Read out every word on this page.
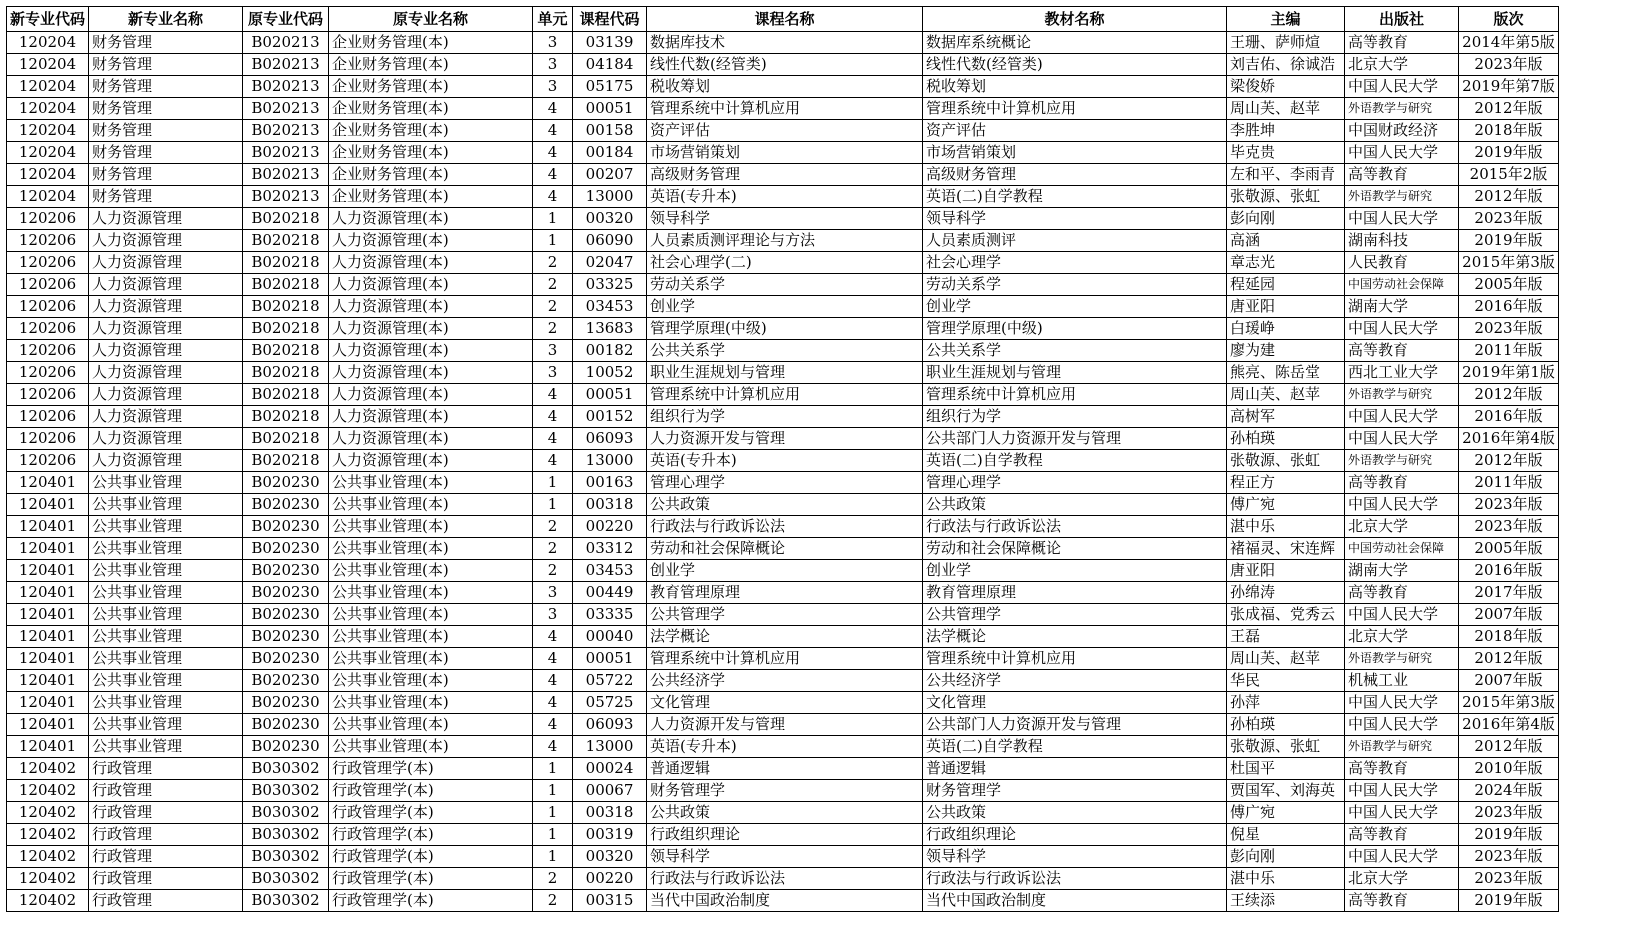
新专业代码	新专业名称	原专业代码	原专业名称	单元	课程代码	课程名称	教材名称	主编	出版社	版次
120204	财务管理	B020213	企业财务管理(本)	3	03139	数据库技术	数据库系统概论	王珊、萨师煊	高等教育	2014年第5版
120204	财务管理	B020213	企业财务管理(本)	3	04184	线性代数(经管类)	线性代数(经管类)	刘吉佑、徐诚浩	北京大学	2023年版
120204	财务管理	B020213	企业财务管理(本)	3	05175	税收筹划	税收筹划	梁俊娇	中国人民大学	2019年第7版
120204	财务管理	B020213	企业财务管理(本)	4	00051	管理系统中计算机应用	管理系统中计算机应用	周山芙、赵苹	外语教学与研究	2012年版
120204	财务管理	B020213	企业财务管理(本)	4	00158	资产评估	资产评估	李胜坤	中国财政经济	2018年版
120204	财务管理	B020213	企业财务管理(本)	4	00184	市场营销策划	市场营销策划	毕克贵	中国人民大学	2019年版
120204	财务管理	B020213	企业财务管理(本)	4	00207	高级财务管理	高级财务管理	左和平、李雨青	高等教育	2015年2版
120204	财务管理	B020213	企业财务管理(本)	4	13000	英语(专升本)	英语(二)自学教程	张敬源、张虹	外语教学与研究	2012年版
120206	人力资源管理	B020218	人力资源管理(本)	1	00320	领导科学	领导科学	彭向刚	中国人民大学	2023年版
120206	人力资源管理	B020218	人力资源管理(本)	1	06090	人员素质测评理论与方法	人员素质测评	高涵	湖南科技	2019年版
120206	人力资源管理	B020218	人力资源管理(本)	2	02047	社会心理学(二)	社会心理学	章志光	人民教育	2015年第3版
120206	人力资源管理	B020218	人力资源管理(本)	2	03325	劳动关系学	劳动关系学	程延园	中国劳动社会保障	2005年版
120206	人力资源管理	B020218	人力资源管理(本)	2	03453	创业学	创业学	唐亚阳	湖南大学	2016年版
120206	人力资源管理	B020218	人力资源管理(本)	2	13683	管理学原理(中级)	管理学原理(中级)	白瑗峥	中国人民大学	2023年版
120206	人力资源管理	B020218	人力资源管理(本)	3	00182	公共关系学	公共关系学	廖为建	高等教育	2011年版
120206	人力资源管理	B020218	人力资源管理(本)	3	10052	职业生涯规划与管理	职业生涯规划与管理	熊亮、陈岳堂	西北工业大学	2019年第1版
120206	人力资源管理	B020218	人力资源管理(本)	4	00051	管理系统中计算机应用	管理系统中计算机应用	周山芙、赵苹	外语教学与研究	2012年版
120206	人力资源管理	B020218	人力资源管理(本)	4	00152	组织行为学	组织行为学	高树军	中国人民大学	2016年版
120206	人力资源管理	B020218	人力资源管理(本)	4	06093	人力资源开发与管理	公共部门人力资源开发与管理	孙柏瑛	中国人民大学	2016年第4版
120206	人力资源管理	B020218	人力资源管理(本)	4	13000	英语(专升本)	英语(二)自学教程	张敬源、张虹	外语教学与研究	2012年版
120401	公共事业管理	B020230	公共事业管理(本)	1	00163	管理心理学	管理心理学	程正方	高等教育	2011年版
120401	公共事业管理	B020230	公共事业管理(本)	1	00318	公共政策	公共政策	傅广宛	中国人民大学	2023年版
120401	公共事业管理	B020230	公共事业管理(本)	2	00220	行政法与行政诉讼法	行政法与行政诉讼法	湛中乐	北京大学	2023年版
120401	公共事业管理	B020230	公共事业管理(本)	2	03312	劳动和社会保障概论	劳动和社会保障概论	褚福灵、宋连辉	中国劳动社会保障	2005年版
120401	公共事业管理	B020230	公共事业管理(本)	2	03453	创业学	创业学	唐亚阳	湖南大学	2016年版
120401	公共事业管理	B020230	公共事业管理(本)	3	00449	教育管理原理	教育管理原理	孙绵涛	高等教育	2017年版
120401	公共事业管理	B020230	公共事业管理(本)	3	03335	公共管理学	公共管理学	张成福、党秀云	中国人民大学	2007年版
120401	公共事业管理	B020230	公共事业管理(本)	4	00040	法学概论	法学概论	王磊	北京大学	2018年版
120401	公共事业管理	B020230	公共事业管理(本)	4	00051	管理系统中计算机应用	管理系统中计算机应用	周山芙、赵苹	外语教学与研究	2012年版
120401	公共事业管理	B020230	公共事业管理(本)	4	05722	公共经济学	公共经济学	华民	机械工业	2007年版
120401	公共事业管理	B020230	公共事业管理(本)	4	05725	文化管理	文化管理	孙萍	中国人民大学	2015年第3版
120401	公共事业管理	B020230	公共事业管理(本)	4	06093	人力资源开发与管理	公共部门人力资源开发与管理	孙柏瑛	中国人民大学	2016年第4版
120401	公共事业管理	B020230	公共事业管理(本)	4	13000	英语(专升本)	英语(二)自学教程	张敬源、张虹	外语教学与研究	2012年版
120402	行政管理	B030302	行政管理学(本)	1	00024	普通逻辑	普通逻辑	杜国平	高等教育	2010年版
120402	行政管理	B030302	行政管理学(本)	1	00067	财务管理学	财务管理学	贾国军、刘海英	中国人民大学	2024年版
120402	行政管理	B030302	行政管理学(本)	1	00318	公共政策	公共政策	傅广宛	中国人民大学	2023年版
120402	行政管理	B030302	行政管理学(本)	1	00319	行政组织理论	行政组织理论	倪星	高等教育	2019年版
120402	行政管理	B030302	行政管理学(本)	1	00320	领导科学	领导科学	彭向刚	中国人民大学	2023年版
120402	行政管理	B030302	行政管理学(本)	2	00220	行政法与行政诉讼法	行政法与行政诉讼法	湛中乐	北京大学	2023年版
120402	行政管理	B030302	行政管理学(本)	2	00315	当代中国政治制度	当代中国政治制度	王续添	高等教育	2019年版
